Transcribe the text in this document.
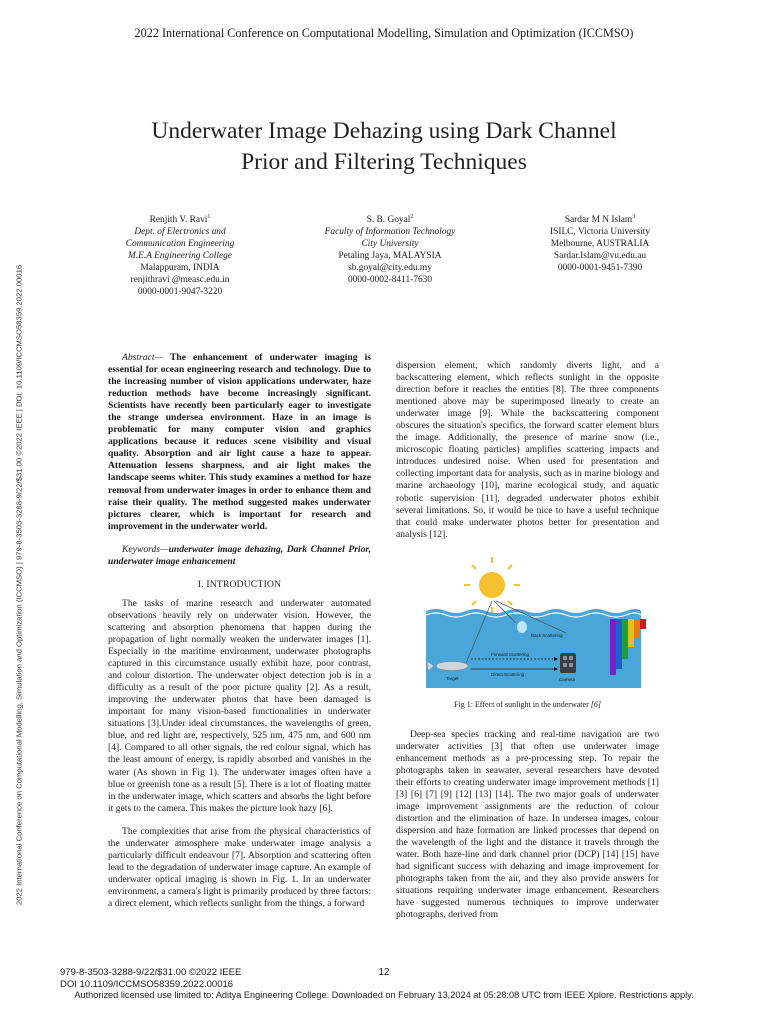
2022 International Conference on Computational Modelling, Simulation and Optimization (ICCMSO)
2022 International Conference on Computational Modelling, Simulation and Optimization (ICCMSO) | 979-8-3503-3288-9/22/$31.00 ©2022 IEEE | DOI: 10.1109/ICCMSO58359.2022.00016
Underwater Image Dehazing using Dark Channel
Prior and Filtering Techniques
Renjith V. Ravi$^1$
Dept. of Electronics and
Communication Engineering
M.E.A Engineering College
Malappuram, INDIA
renjithravi @measc.edu.in
0000-0001-9047-3220
S. B. Goyal$^2$
Faculty of Information Technology
City University
Petaling Jaya, MALAYSIA
sb.goyal@city.edu.my
0000-0002-8411-7630
Sardar M N Islam$^3$
ISILC, Victoria University
Melbourne, AUSTRALIA
Sardar.Islam@vu.edu.au
0000-0001-9451-7390

Abstract— The enhancement of underwater imaging is essential for ocean engineering research and technology. Due to the increasing number of vision applications underwater, haze reduction methods have become increasingly significant. Scientists have recently been particularly eager to investigate the strange undersea environment. Haze in an image is problematic for many computer vision and graphics applications because it reduces scene visibility and visual quality. Absorption and air light cause a haze to appear. Attenuation lessens sharpness, and air light makes the landscape seems whiter. This study examines a method for haze removal from underwater images in order to enhance them and raise their quality. The method suggested makes underwater pictures clearer, which is important for research and improvement in the underwater world.

Keywords—underwater image dehazing, Dark Channel Prior, underwater image enhancement

I. INTRODUCTION

The tasks of marine research and underwater automated observations heavily rely on underwater vision. However, the scattering and absorption phenomena that happen during the propagation of light normally weaken the underwater images [1]. Especially in the maritime environment, underwater photographs captured in this circumstance usually exhibit haze, poor contrast, and colour distortion. The underwater object detection job is in a difficulty as a result of the poor picture quality [2]. As a result, improving the underwater photos that have been damaged is important for many vision-based functionalities in underwater situations [3].Under ideal circumstances, the wavelengths of green, blue, and red light are, respectively, 525 nm, 475 nm, and 600 nm [4]. Compared to all other signals, the red colour signal, which has the least amount of energy, is rapidly absorbed and vanishes in the water (As shown in Fig 1). The underwater images often have a blue or greenish tone as a result [5]. There is a lot of floating matter in the underwater image, which scatters and absorbs the light before it gets to the camera. This makes the picture look hazy [6].

The complexities that arise from the physical characteristics of the underwater atmosphere make underwater image analysis a particularly difficult endeavour [7]. Absorption and scattering often lead to the degradation of underwater image capture. An example of underwater optical imaging is shown in Fig. 1. In an underwater environment, a camera's light is primarily produced by three factors: a direct element, which reflects sunlight from the things, a forward

dispersion element, which randomly diverts light, and a backscattering element, which reflects sunlight in the opposite direction before it reaches the entities [8]. The three components mentioned above may be superimposed linearly to create an underwater image [9]. While the backscattering component obscures the situation's specifics, the forward scatter element blurs the image. Additionally, the presence of marine snow (i.e., microscopic floating particles) amplifies scattering impacts and introduces undesired noise. When used for presentation and collecting important data for analysis, such as in marine biology and marine archaeology [10], marine ecological study, and aquatic robotic supervision [11], degraded underwater photos exhibit several limitations. So, it would be nice to have a useful technique that could make underwater photos better for presentation and analysis [12].

Back Scattering
Target
Forward Scattering
Direct Scattering
Camera
Fig 1: Effect of sunlight in the underwater [6]

Deep-sea species tracking and real-time navigation are two underwater activities [3] that often use underwater image enhancement methods as a pre-processing step. To repair the photographs taken in seawater, several researchers have devoted their efforts to creating underwater image improvement methods [1] [3] [6] [7] [9] [12] [13] [14]. The two major goals of underwater image improvement assignments are the reduction of colour distortion and the elimination of haze. In undersea images, colour dispersion and haze formation are linked processes that depend on the wavelength of the light and the distance it travels through the water. Both haze-line and dark channel prior (DCP) [14] [15] have had significant success with dehazing and image improvement for photographs taken from the air, and they also provide answers for situations requiring underwater image enhancement. Researchers have suggested numerous techniques to improve underwater photographs, derived from

979-8-3503-3288-9/22/$31.00 ©2022 IEEE
DOI 10.1109/ICCMSO58359.2022.00016
12
Authorized licensed use limited to: Aditya Engineering College. Downloaded on February 13,2024 at 05:28:08 UTC from IEEE Xplore. Restrictions apply.
